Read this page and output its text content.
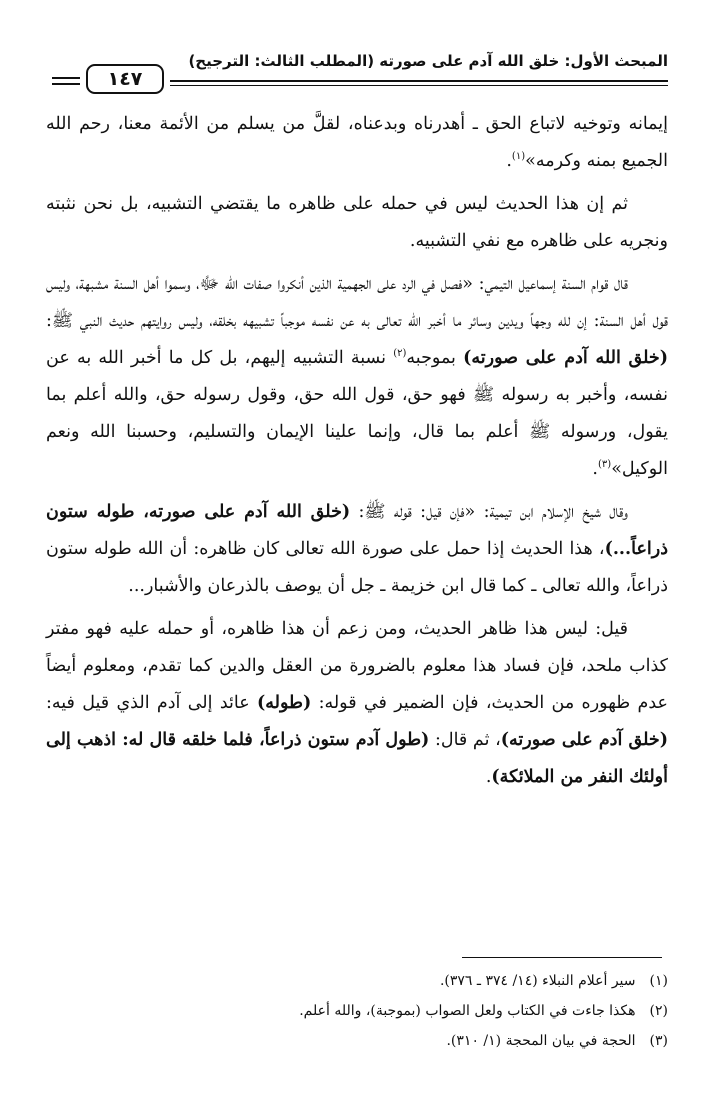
المبحث الأول: خلق الله آدم على صورته (المطلب الثالث: الترجيح)
١٤٧

إيمانه وتوخيه لاتباع الحق ـ أهدرناه وبدعناه، لقلَّ من يسلم من الأئمة معنا، رحم الله الجميع بمنه وكرمه»$^{(١)}$.

ثم إن هذا الحديث ليس في حمله على ظاهره ما يقتضي التشبيه، بل نحن نثبته ونجريه على ظاهره مع نفي التشبيه.

قال قوام السنة إسماعيل التيمي: «فصل في الرد على الجهمية الذين أنكروا صفات الله ﷻ، وسموا أهل السنة مشبهة، وليس قول أهل السنة: إن لله وجهاً ويدين وسائر ما أخبر الله تعالى به عن نفسه موجباً تشبيهه بخلقه، وليس روايتهم حديث النبي ﷺ: (خلق الله آدم على صورته) بموجبه$^{(٢)}$ نسبة التشبيه إليهم، بل كل ما أخبر الله به عن نفسه، وأخبر به رسوله ﷺ فهو حق، قول الله حق، وقول رسوله حق، والله أعلم بما يقول، ورسوله ﷺ أعلم بما قال، وإنما علينا الإيمان والتسليم، وحسبنا الله ونعم الوكيل»$^{(٣)}$.

وقال شيخ الإسلام ابن تيمية: «فإن قيل: قوله ﷺ: (خلق الله آدم على صورته، طوله ستون ذراعاً...)، هذا الحديث إذا حمل على صورة الله تعالى كان ظاهره: أن الله طوله ستون ذراعاً، والله تعالى ـ كما قال ابن خزيمة ـ جل أن يوصف بالذرعان والأشبار...

قيل: ليس هذا ظاهر الحديث، ومن زعم أن هذا ظاهره، أو حمله عليه فهو مفتر كذاب ملحد، فإن فساد هذا معلوم بالضرورة من العقل والدين كما تقدم، ومعلوم أيضاً عدم ظهوره من الحديث، فإن الضمير في قوله: (طوله) عائد إلى آدم الذي قيل فيه: (خلق آدم على صورته)، ثم قال: (طول آدم ستون ذراعاً، فلما خلقه قال له: اذهب إلى أولئك النفر من الملائكة).

(١)
سير أعلام النبلاء (١٤/ ٣٧٤ ـ ٣٧٦).
(٢)
هكذا جاءت في الكتاب ولعل الصواب (بموجبة)، والله أعلم.
(٣)
الحجة في بيان المحجة (١/ ٣١٠).
